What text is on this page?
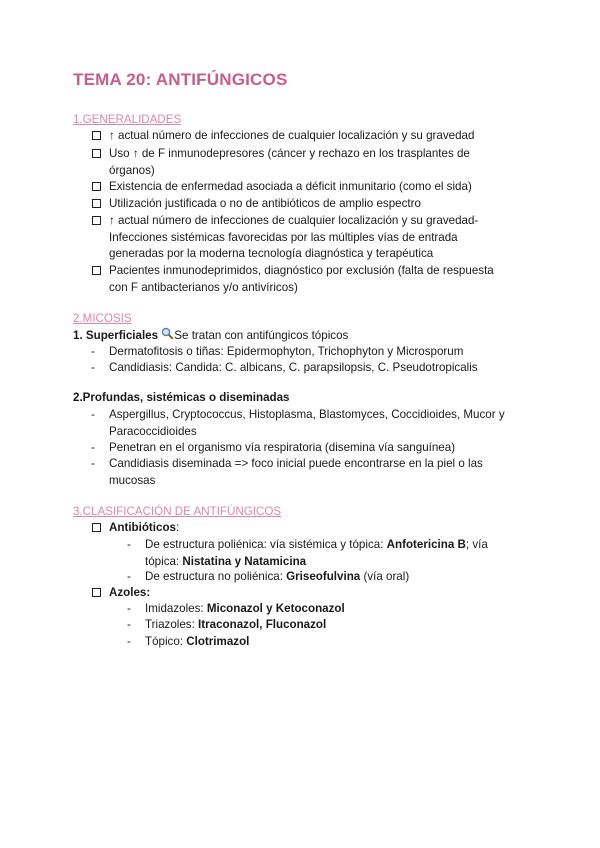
TEMA 20: ANTIFÚNGICOS
1.GENERALIDADES
↑ actual número de infecciones de cualquier localización y su gravedad
Uso ↑ de F inmunodepresores (cáncer y rechazo en los trasplantes de órganos)
Existencia de enfermedad asociada a déficit inmunitario (como el sida)
Utilización justificada o no de antibióticos de amplio espectro
↑ actual número de infecciones de cualquier localización y su gravedad- Infecciones sistémicas favorecidas por las múltiples vías de entrada generadas por la moderna tecnología diagnóstica y terapéutica
Pacientes inmunodeprimidos, diagnóstico por exclusión (falta de respuesta con F antibacterianos y/o antivíricos)
2.MICOSIS
1. Superficiales Se tratan con antifúngicos tópicos
- Dermatofitosis o tiñas: Epidermophyton, Trichophyton y Microsporum
- Candidiasis: Candida: C. albicans, C. parapsilopsis, C. Pseudotropicalis
2.Profundas, sistémicas o diseminadas
- Aspergillus, Cryptococcus, Histoplasma, Blastomyces, Coccidioides, Mucor y Paracoccidioides
- Penetran en el organismo vía respiratoria (disemina vía sanguínea)
- Candidiasis diseminada => foco inicial puede encontrarse en la piel o las mucosas
3.CLASIFICACIÓN DE ANTIFÚNGICOS
Antibióticos:
- De estructura poliénica: vía sistémica y tópica: Anfotericina B; vía tópica: Nistatina y Natamicina
- De estructura no poliénica: Griseofulvina (vía oral)
Azoles:
- Imidazoles: Miconazol y Ketoconazol
- Triazoles: Itraconazol, Fluconazol
- Tópico: Clotrimazol
